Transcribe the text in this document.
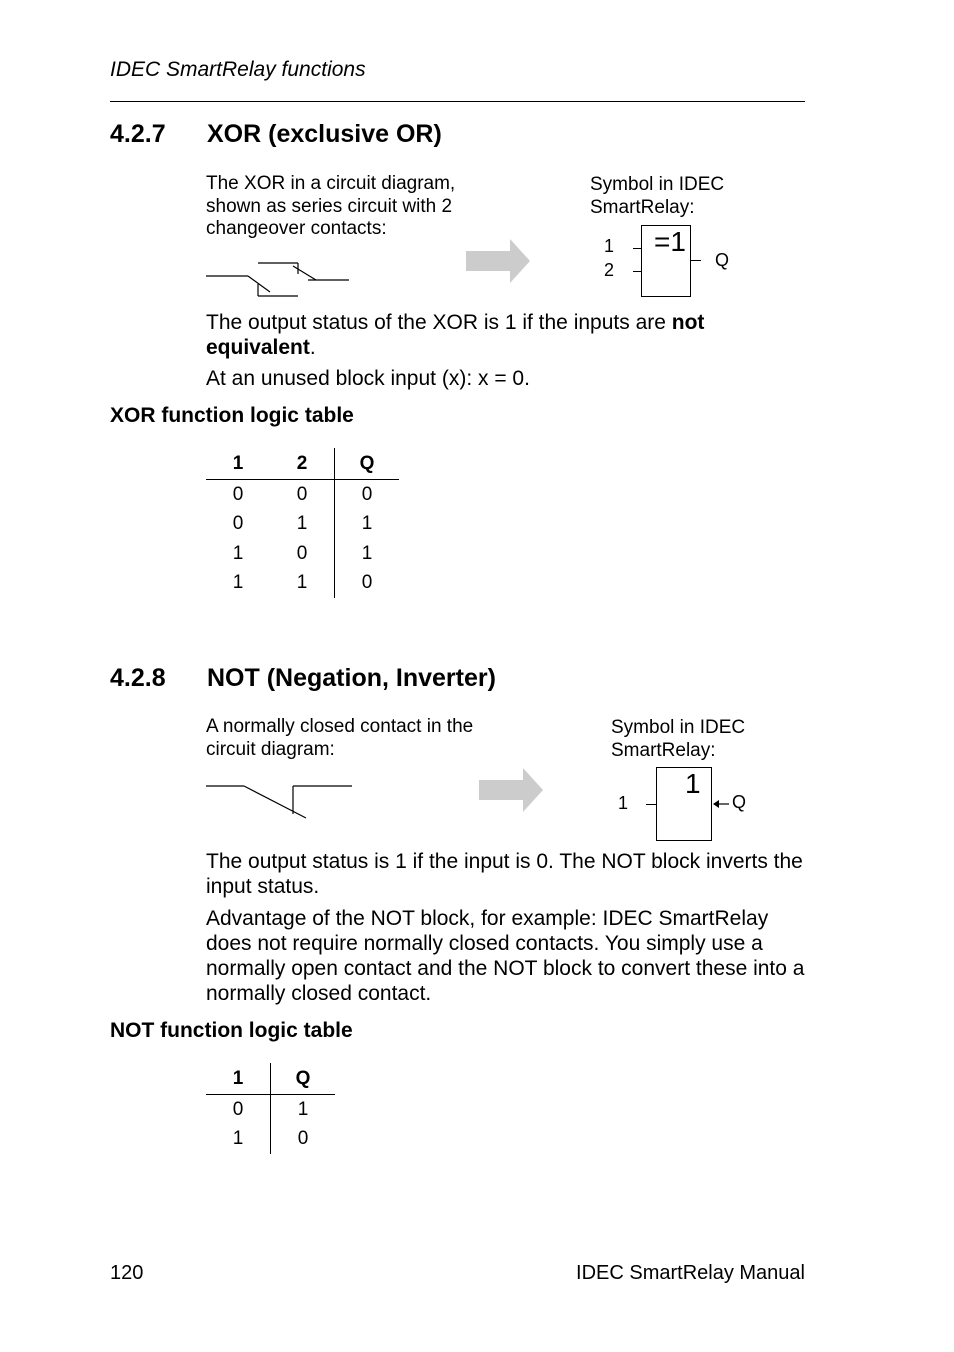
IDEC SmartRelay functions
4.2.7 XOR (exclusive OR)
The XOR in a circuit diagram, shown as series circuit with 2 changeover contacts:
Symbol in IDEC SmartRelay:
1
2
=1
Q
The output status of the XOR is 1 if the inputs are not equivalent.
At an unused block input (x): x = 0.
XOR function logic table
1	2	Q
0	0	0
0	1	1
1	0	1
1	1	0
4.2.8 NOT (Negation, Inverter)
A normally closed contact in the circuit diagram:
Symbol in IDEC SmartRelay:
1
1
Q
The output status is 1 if the input is 0. The NOT block inverts the input status.
Advantage of the NOT block, for example: IDEC SmartRelay does not require normally closed contacts. You simply use a normally open contact and the NOT block to convert these into a normally closed contact.
NOT function logic table
1	Q
0	1
1	0
120	IDEC SmartRelay Manual
